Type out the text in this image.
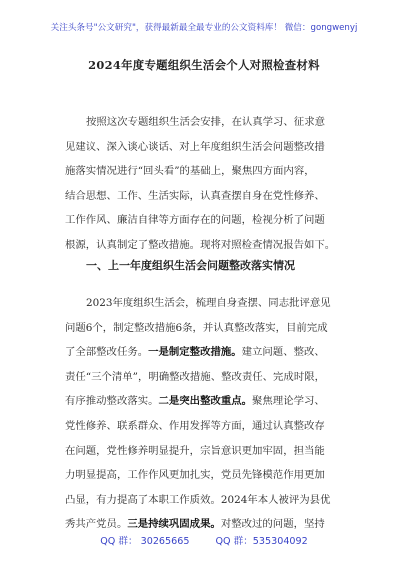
关注头条号"公文研究"，获得最新最全最专业的公文资料库！ 微信：gongwenyj
2024年度专题组织生活会个人对照检查材料
按照这次专题组织生活会安排，在认真学习、征求意
见建议、深入谈心谈话、对上年度组织生活会问题整改措
施落实情况进行“回头看”的基础上，聚焦四方面内容，
结合思想、工作、生活实际，认真查摆自身在党性修养、
工作作风、廉洁自律等方面存在的问题，检视分析了问题
根源，认真制定了整改措施。现将对照检查情况报告如下。
一、上一年度组织生活会问题整改落实情况
2023年度组织生活会，梳理自身查摆、同志批评意见
问题6个，制定整改措施6条，并认真整改落实，目前完成
了全部整改任务。一是制定整改措施。建立问题、整改、
责任“三个清单”，明确整改措施、整改责任、完成时限，
有序推动整改落实。二是突出整改重点。聚焦理论学习、
党性修养、联系群众、作用发挥等方面，通过认真整改存
在问题，党性修养明显提升，宗旨意识更加牢固，担当能
力明显提高，工作作风更加扎实，党员先锋模范作用更加
凸显，有力提高了本职工作质效。2024年本人被评为县优
秀共产党员。三是持续巩固成果。对整改过的问题，坚持
QQ 群： 30265665	QQ 群：535304092
